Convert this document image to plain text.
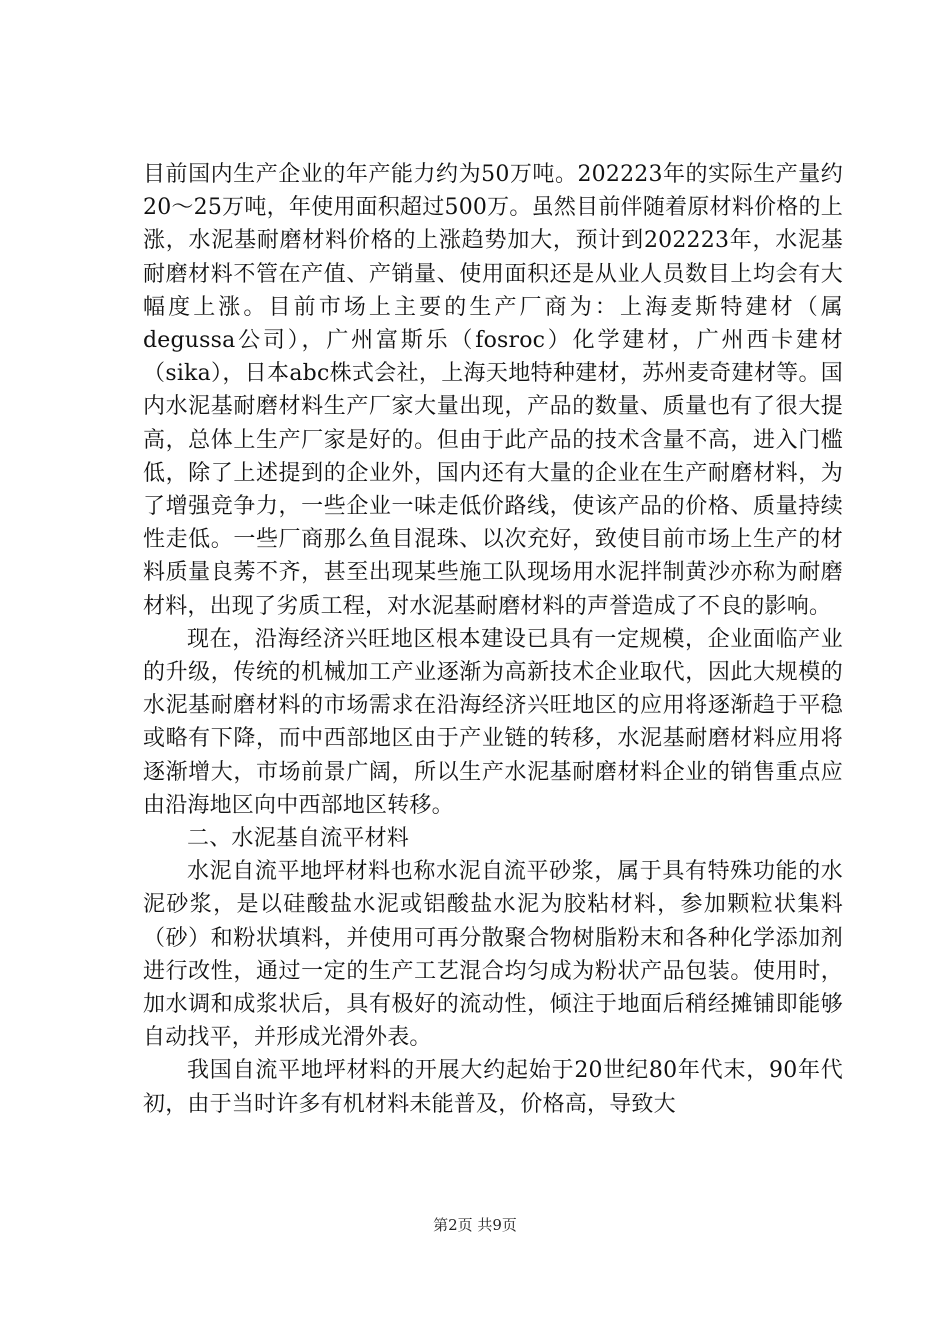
目前国内生产企业的年产能力约为50万吨。202223年的实际生产量约20～25万吨，年使用面积超过500万。虽然目前伴随着原材料价格的上涨，水泥基耐磨材料价格的上涨趋势加大，预计到202223年，水泥基耐磨材料不管在产值、产销量、使用面积还是从业人员数目上均会有大幅度上涨。目前市场上主要的生产厂商为：上海麦斯特建材（属degussa公司），广州富斯乐（fosroc）化学建材，广州西卡建材（sika），日本abc株式会社，上海天地特种建材，苏州麦奇建材等。国内水泥基耐磨材料生产厂家大量出现，产品的数量、质量也有了很大提高，总体上生产厂家是好的。但由于此产品的技术含量不高，进入门槛低，除了上述提到的企业外，国内还有大量的企业在生产耐磨材料，为了增强竞争力，一些企业一味走低价路线，使该产品的价格、质量持续性走低。一些厂商那么鱼目混珠、以次充好，致使目前市场上生产的材料质量良莠不齐，甚至出现某些施工队现场用水泥拌制黄沙亦称为耐磨材料，出现了劣质工程，对水泥基耐磨材料的声誉造成了不良的影响。

现在，沿海经济兴旺地区根本建设已具有一定规模，企业面临产业的升级，传统的机械加工产业逐渐为高新技术企业取代，因此大规模的水泥基耐磨材料的市场需求在沿海经济兴旺地区的应用将逐渐趋于平稳或略有下降，而中西部地区由于产业链的转移，水泥基耐磨材料应用将逐渐增大，市场前景广阔，所以生产水泥基耐磨材料企业的销售重点应由沿海地区向中西部地区转移。

二、水泥基自流平材料

水泥自流平地坪材料也称水泥自流平砂浆，属于具有特殊功能的水泥砂浆，是以硅酸盐水泥或铝酸盐水泥为胶粘材料，参加颗粒状集料（砂）和粉状填料，并使用可再分散聚合物树脂粉末和各种化学添加剂进行改性，通过一定的生产工艺混合均匀成为粉状产品包装。使用时，加水调和成浆状后，具有极好的流动性，倾注于地面后稍经摊铺即能够自动找平，并形成光滑外表。

我国自流平地坪材料的开展大约起始于20世纪80年代末，90年代初，由于当时许多有机材料未能普及，价格高，导致大

第2页 共9页
